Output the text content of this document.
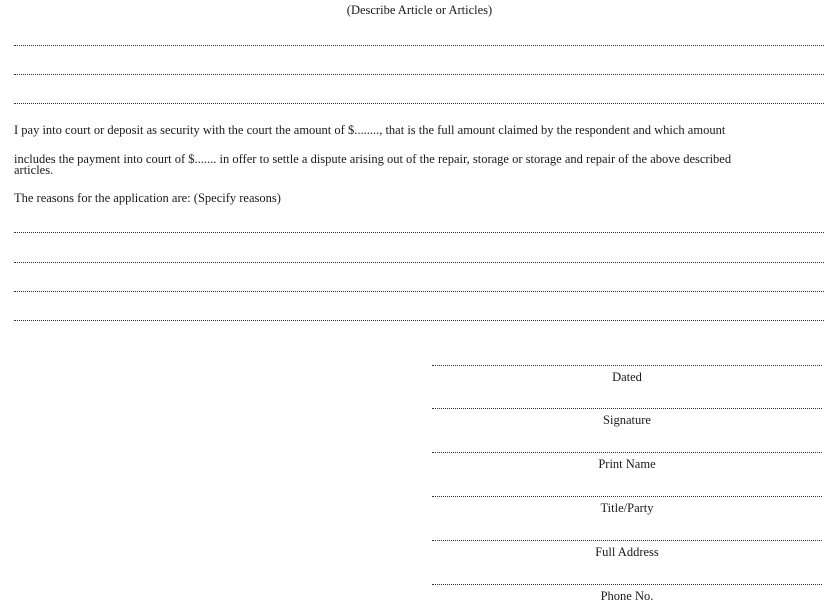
(Describe Article or Articles)
I pay into court or deposit as security with the court the amount of $........, that is the full amount claimed by the respondent and which amount
includes the payment into court of $....... in offer to settle a dispute arising out of the repair, storage or storage and repair of the above described
articles.
The reasons for the application are: (Specify reasons)
Dated
Signature
Print Name
Title/Party
Full Address
Phone No.
